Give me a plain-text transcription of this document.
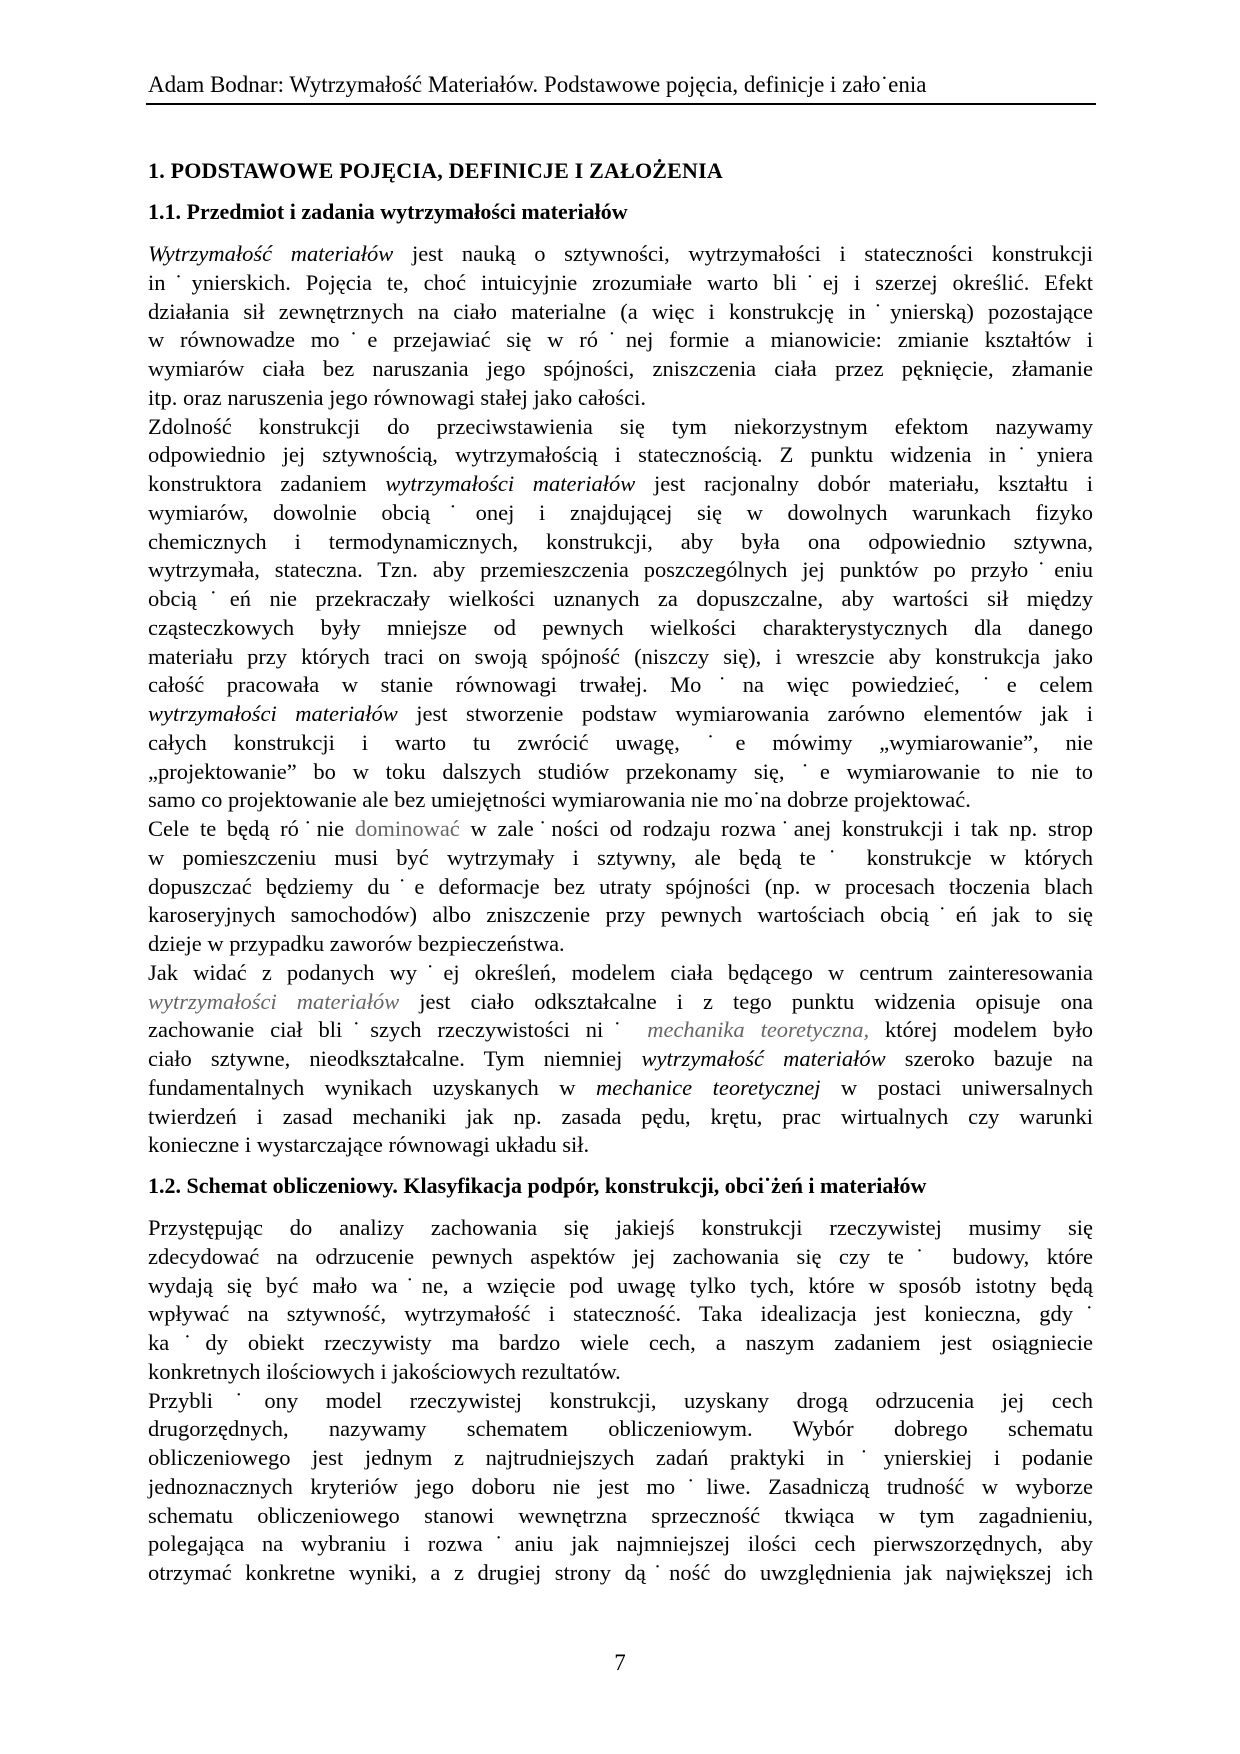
Adam Bodnar: Wytrzymałość Materiałów. Podstawowe pojęcia, definicje i zało˙enia
1. PODSTAWOWE POJĘCIA, DEFINICJE I ZAŁOŻENIA
1.1. Przedmiot i zadania wytrzymałości materiałów
Wytrzymałość materiałów jest nauką o sztywności, wytrzymałości i stateczności konstrukcji
in˙ynierskich. Pojęcia te, choć intuicyjnie zrozumiałe warto bli˙ej i szerzej określić. Efekt
działania sił zewnętrznych na ciało materialne (a więc i konstrukcję in˙ynierską) pozostające
w równowadze mo˙e przejawiać się w ró˙nej formie a mianowicie: zmianie kształtów i
wymiarów ciała bez naruszania jego spójności, zniszczenia ciała przez pęknięcie, złamanie
itp. oraz naruszenia jego równowagi stałej jako całości.
Zdolność konstrukcji do przeciwstawienia się tym niekorzystnym efektom nazywamy
odpowiednio jej sztywnością, wytrzymałością i statecznością. Z punktu widzenia in˙yniera
konstruktora zadaniem wytrzymałości materiałów jest racjonalny dobór materiału, kształtu i
wymiarów, dowolnie obcią˙onej i znajdującej się w dowolnych warunkach fizyko
chemicznych i termodynamicznych, konstrukcji, aby była ona odpowiednio sztywna,
wytrzymała, stateczna. Tzn. aby przemieszczenia poszczególnych jej punktów po przyło˙eniu
obcią˙eń nie przekraczały wielkości uznanych za dopuszczalne, aby wartości sił między
cząsteczkowych były mniejsze od pewnych wielkości charakterystycznych dla danego
materiału przy których traci on swoją spójność (niszczy się), i wreszcie aby konstrukcja jako
całość pracowała w stanie równowagi trwałej. Mo˙na więc powiedzieć, ˙e celem
wytrzymałości materiałów jest stworzenie podstaw wymiarowania zarówno elementów jak i
całych konstrukcji i warto tu zwrócić uwagę, ˙e mówimy „wymiarowanie”, nie
„projektowanie” bo w toku dalszych studiów przekonamy się, ˙e wymiarowanie to nie to
samo co projektowanie ale bez umiejętności wymiarowania nie mo˙na dobrze projektować.
Cele te będą ró˙nie dominować w zale˙ności od rodzaju rozwa˙anej konstrukcji i tak np. strop
w pomieszczeniu musi być wytrzymały i sztywny, ale będą te˙ konstrukcje w których
dopuszczać będziemy du˙e deformacje bez utraty spójności (np. w procesach tłoczenia blach
karoseryjnych samochodów) albo zniszczenie przy pewnych wartościach obcią˙eń jak to się
dzieje w przypadku zaworów bezpieczeństwa.
Jak widać z podanych wy˙ej określeń, modelem ciała będącego w centrum zainteresowania
wytrzymałości materiałów jest ciało odkształcalne i z tego punktu widzenia opisuje ona
zachowanie ciał bli˙szych rzeczywistości ni˙ mechanika teoretyczna, której modelem było
ciało sztywne, nieodkształcalne. Tym niemniej wytrzymałość materiałów szeroko bazuje na
fundamentalnych wynikach uzyskanych w mechanice teoretycznej w postaci uniwersalnych
twierdzeń i zasad mechaniki jak np. zasada pędu, krętu, prac wirtualnych czy warunki
konieczne i wystarczające równowagi układu sił.
1.2. Schemat obliczeniowy. Klasyfikacja podpór, konstrukcji, obci˙żeń i materiałów
Przystępując do analizy zachowania się jakiejś konstrukcji rzeczywistej musimy się
zdecydować na odrzucenie pewnych aspektów jej zachowania się czy te˙ budowy, które
wydają się być mało wa˙ne, a wzięcie pod uwagę tylko tych, które w sposób istotny będą
wpływać na sztywność, wytrzymałość i stateczność. Taka idealizacja jest konieczna, gdy˙
ka˙dy obiekt rzeczywisty ma bardzo wiele cech, a naszym zadaniem jest osiągniecie
konkretnych ilościowych i jakościowych rezultatów.
Przybli˙ony model rzeczywistej konstrukcji, uzyskany drogą odrzucenia jej cech
drugorzędnych, nazywamy schematem obliczeniowym. Wybór dobrego schematu
obliczeniowego jest jednym z najtrudniejszych zadań praktyki in˙ynierskiej i podanie
jednoznacznych kryteriów jego doboru nie jest mo˙liwe. Zasadniczą trudność w wyborze
schematu obliczeniowego stanowi wewnętrzna sprzeczność tkwiąca w tym zagadnieniu,
polegająca na wybraniu i rozwa˙aniu jak najmniejszej ilości cech pierwszorzędnych, aby
otrzymać konkretne wyniki, a z drugiej strony dą˙ność do uwzględnienia jak największej ich
7
